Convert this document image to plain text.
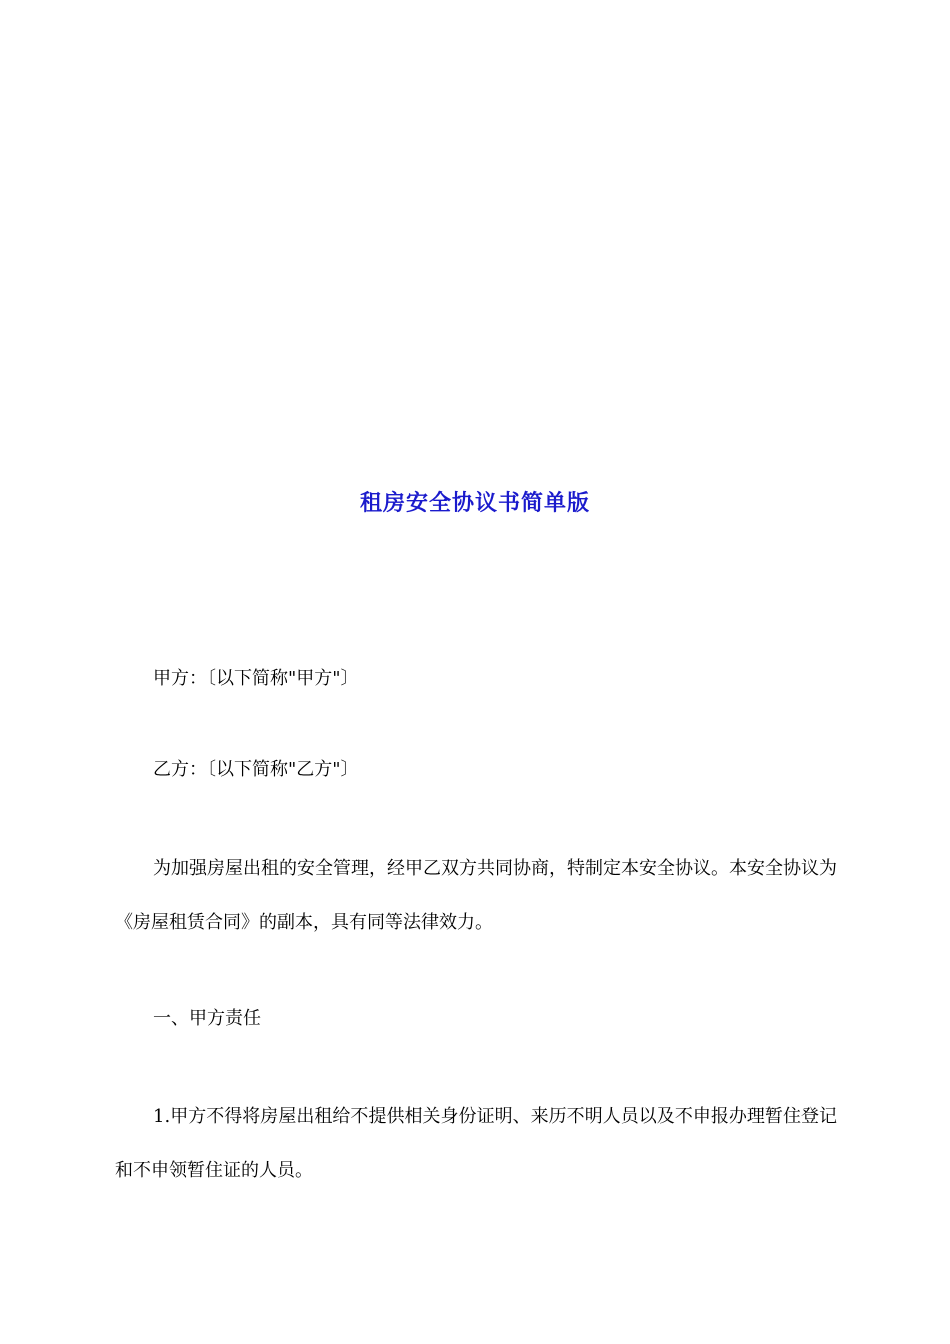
租房安全协议书简单版
甲方：〔以下简称"甲方"〕
乙方：〔以下简称"乙方"〕
为加强房屋出租的安全管理，经甲乙双方共同协商，特制定本安全协议。本安全协议为《房屋租赁合同》的副本，具有同等法律效力。
一、甲方责任
1.甲方不得将房屋出租给不提供相关身份证明、来历不明人员以及不申报办理暂住登记和不申领暂住证的人员。
